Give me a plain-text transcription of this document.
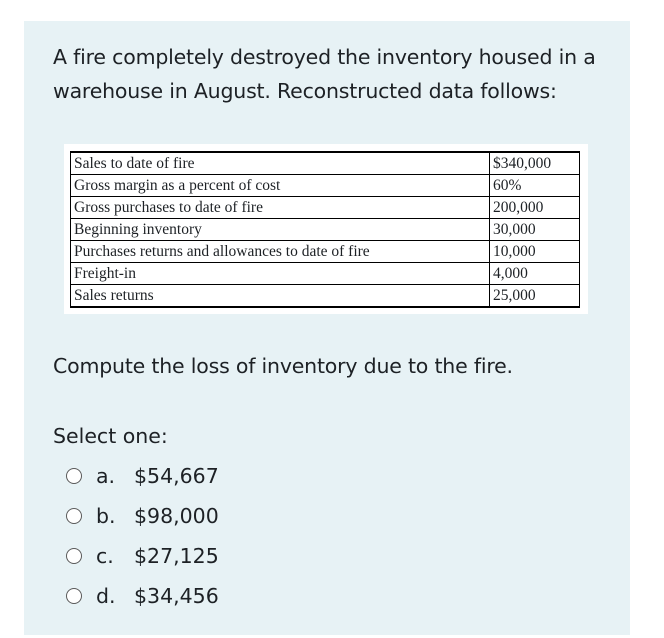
A fire completely destroyed the inventory housed in a warehouse in August. Reconstructed data follows:
Sales to date of fire	$340,000
Gross margin as a percent of cost	60%
Gross purchases to date of fire	200,000
Beginning inventory	30,000
Purchases returns and allowances to date of fire	10,000
Freight-in	4,000
Sales returns	25,000
Compute the loss of inventory due to the fire.
Select one:
a. $54,667
b. $98,000
c. $27,125
d. $34,456
